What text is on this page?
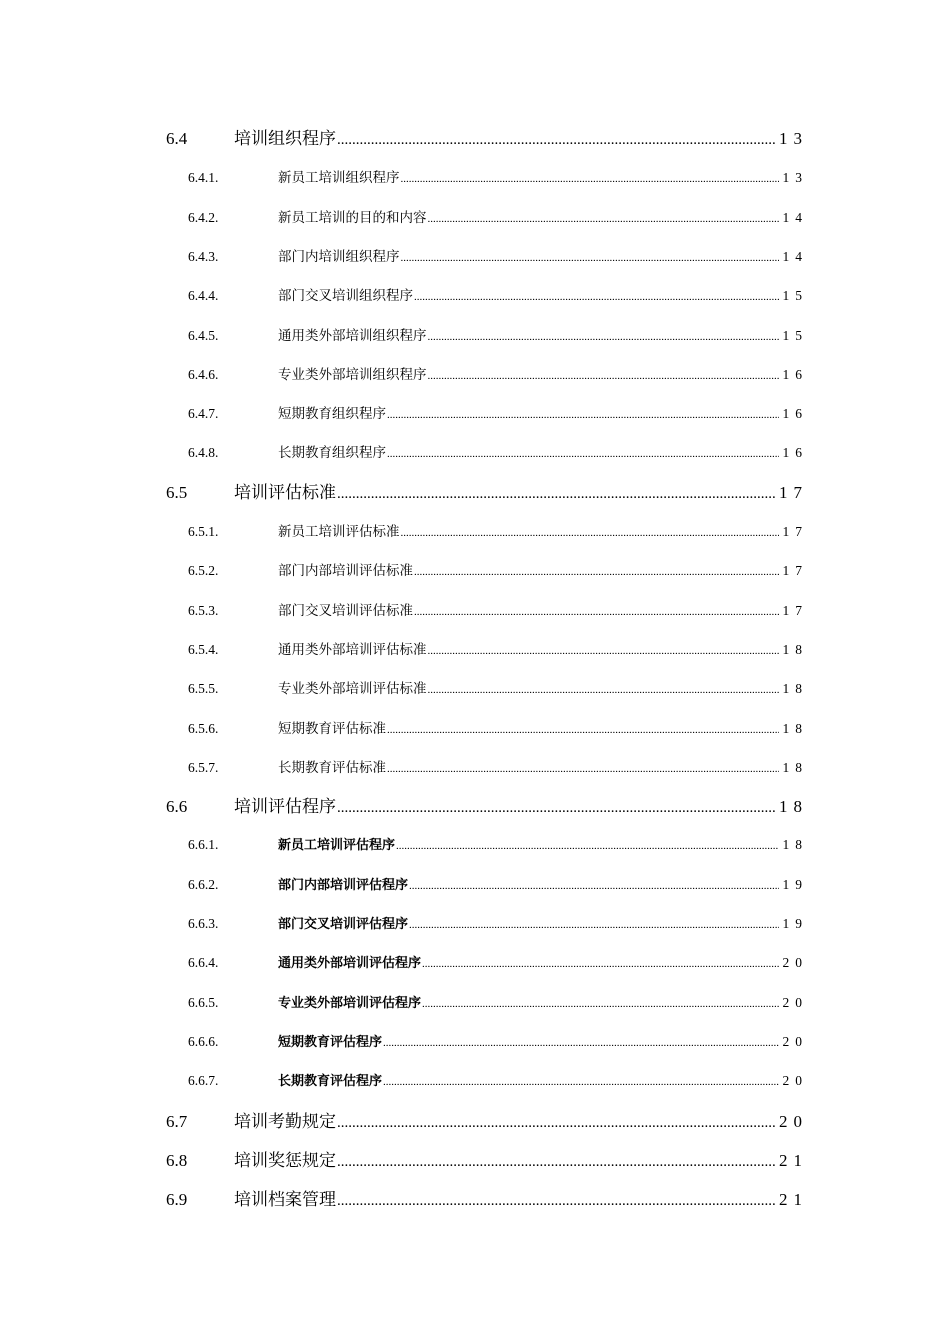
6.4	培训组织程序 .....	13
6.4.1.	新员工培训组织程序 .....	13
6.4.2.	新员工培训的目的和内容 .....	14
6.4.3.	部门内培训组织程序 .....	14
6.4.4.	部门交叉培训组织程序 .....	15
6.4.5.	通用类外部培训组织程序 .....	15
6.4.6.	专业类外部培训组织程序 .....	16
6.4.7.	短期教育组织程序 .....	16
6.4.8.	长期教育组织程序 .....	16
6.5	培训评估标准 .....	17
6.5.1.	新员工培训评估标准 .....	17
6.5.2.	部门内部培训评估标准 .....	17
6.5.3.	部门交叉培训评估标准 .....	17
6.5.4.	通用类外部培训评估标准 .....	18
6.5.5.	专业类外部培训评估标准 .....	18
6.5.6.	短期教育评估标准 .....	18
6.5.7.	长期教育评估标准 .....	18
6.6	培训评估程序 .....	18
6.6.1.	新员工培训评估程序 .....	18
6.6.2.	部门内部培训评估程序 .....	19
6.6.3.	部门交叉培训评估程序 .....	19
6.6.4.	通用类外部培训评估程序 .....	20
6.6.5.	专业类外部培训评估程序 .....	20
6.6.6.	短期教育评估程序 .....	20
6.6.7.	长期教育评估程序 .....	20
6.7	培训考勤规定 .....	20
6.8	培训奖惩规定 .....	21
6.9	培训档案管理 .....	21
